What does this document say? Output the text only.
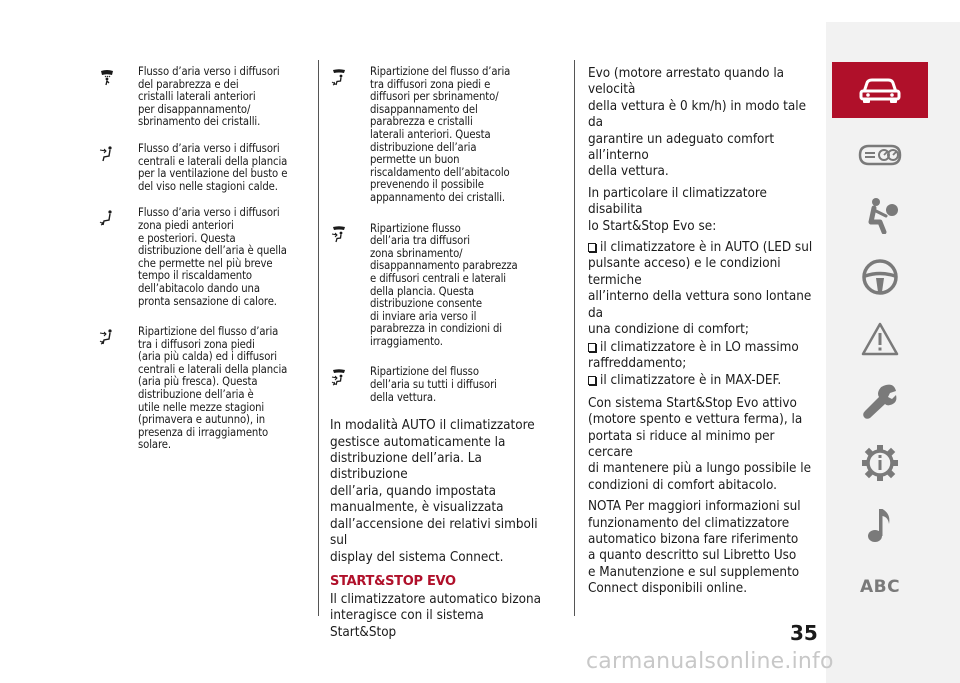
Flusso d’aria verso i diffusori
del parabrezza e dei
cristalli laterali anteriori
per disappannamento/
sbrinamento dei cristalli.
Flusso d’aria verso i diffusori
centrali e laterali della plancia
per la ventilazione del busto e
del viso nelle stagioni calde.
Flusso d’aria verso i diffusori
zona piedi anteriori
e posteriori. Questa
distribuzione dell’aria è quella
che permette nel più breve
tempo il riscaldamento
dell’abitacolo dando una
pronta sensazione di calore.
Ripartizione del flusso d’aria
tra i diffusori zona piedi
(aria più calda) ed i diffusori
centrali e laterali della plancia
(aria più fresca). Questa
distribuzione dell’aria è
utile nelle mezze stagioni
(primavera e autunno), in
presenza di irraggiamento
solare.
Ripartizione del flusso d’aria
tra diffusori zona piedi e
diffusori per sbrinamento/
disappannamento del
parabrezza e cristalli
laterali anteriori. Questa
distribuzione dell’aria
permette un buon
riscaldamento dell’abitacolo
prevenendo il possibile
appannamento dei cristalli.
Ripartizione flusso
dell’aria tra diffusori
zona sbrinamento/
disappannamento parabrezza
e diffusori centrali e laterali
della plancia. Questa
distribuzione consente
di inviare aria verso il
parabrezza in condizioni di
irraggiamento.
Ripartizione del flusso
dell’aria su tutti i diffusori
della vettura.
In modalità AUTO il climatizzatore
gestisce automaticamente la
distribuzione dell’aria. La distribuzione
dell’aria, quando impostata
manualmente, è visualizzata
dall’accensione dei relativi simboli sul
display del sistema Connect.
START&STOP EVO
Il climatizzatore automatico bizona
interagisce con il sistema Start&Stop
Evo (motore arrestato quando la velocità
della vettura è 0 km/h) in modo tale da
garantire un adeguato comfort all’interno
della vettura.
In particolare il climatizzatore disabilita
lo Start&Stop Evo se:
il climatizzatore è in AUTO (LED sul
pulsante acceso) e le condizioni termiche
all’interno della vettura sono lontane da
una condizione di comfort;
il climatizzatore è in LO massimo
raffreddamento;
il climatizzatore è in MAX-DEF.
Con sistema Start&Stop Evo attivo
(motore spento e vettura ferma), la
portata si riduce al minimo per cercare
di mantenere più a lungo possibile le
condizioni di comfort abitacolo.
NOTA Per maggiori informazioni sul
funzionamento del climatizzatore
automatico bizona fare riferimento
a quanto descritto sul Libretto Uso
e Manutenzione e sul supplemento
Connect disponibili online.	ABC
35
carmanualsonline.info
